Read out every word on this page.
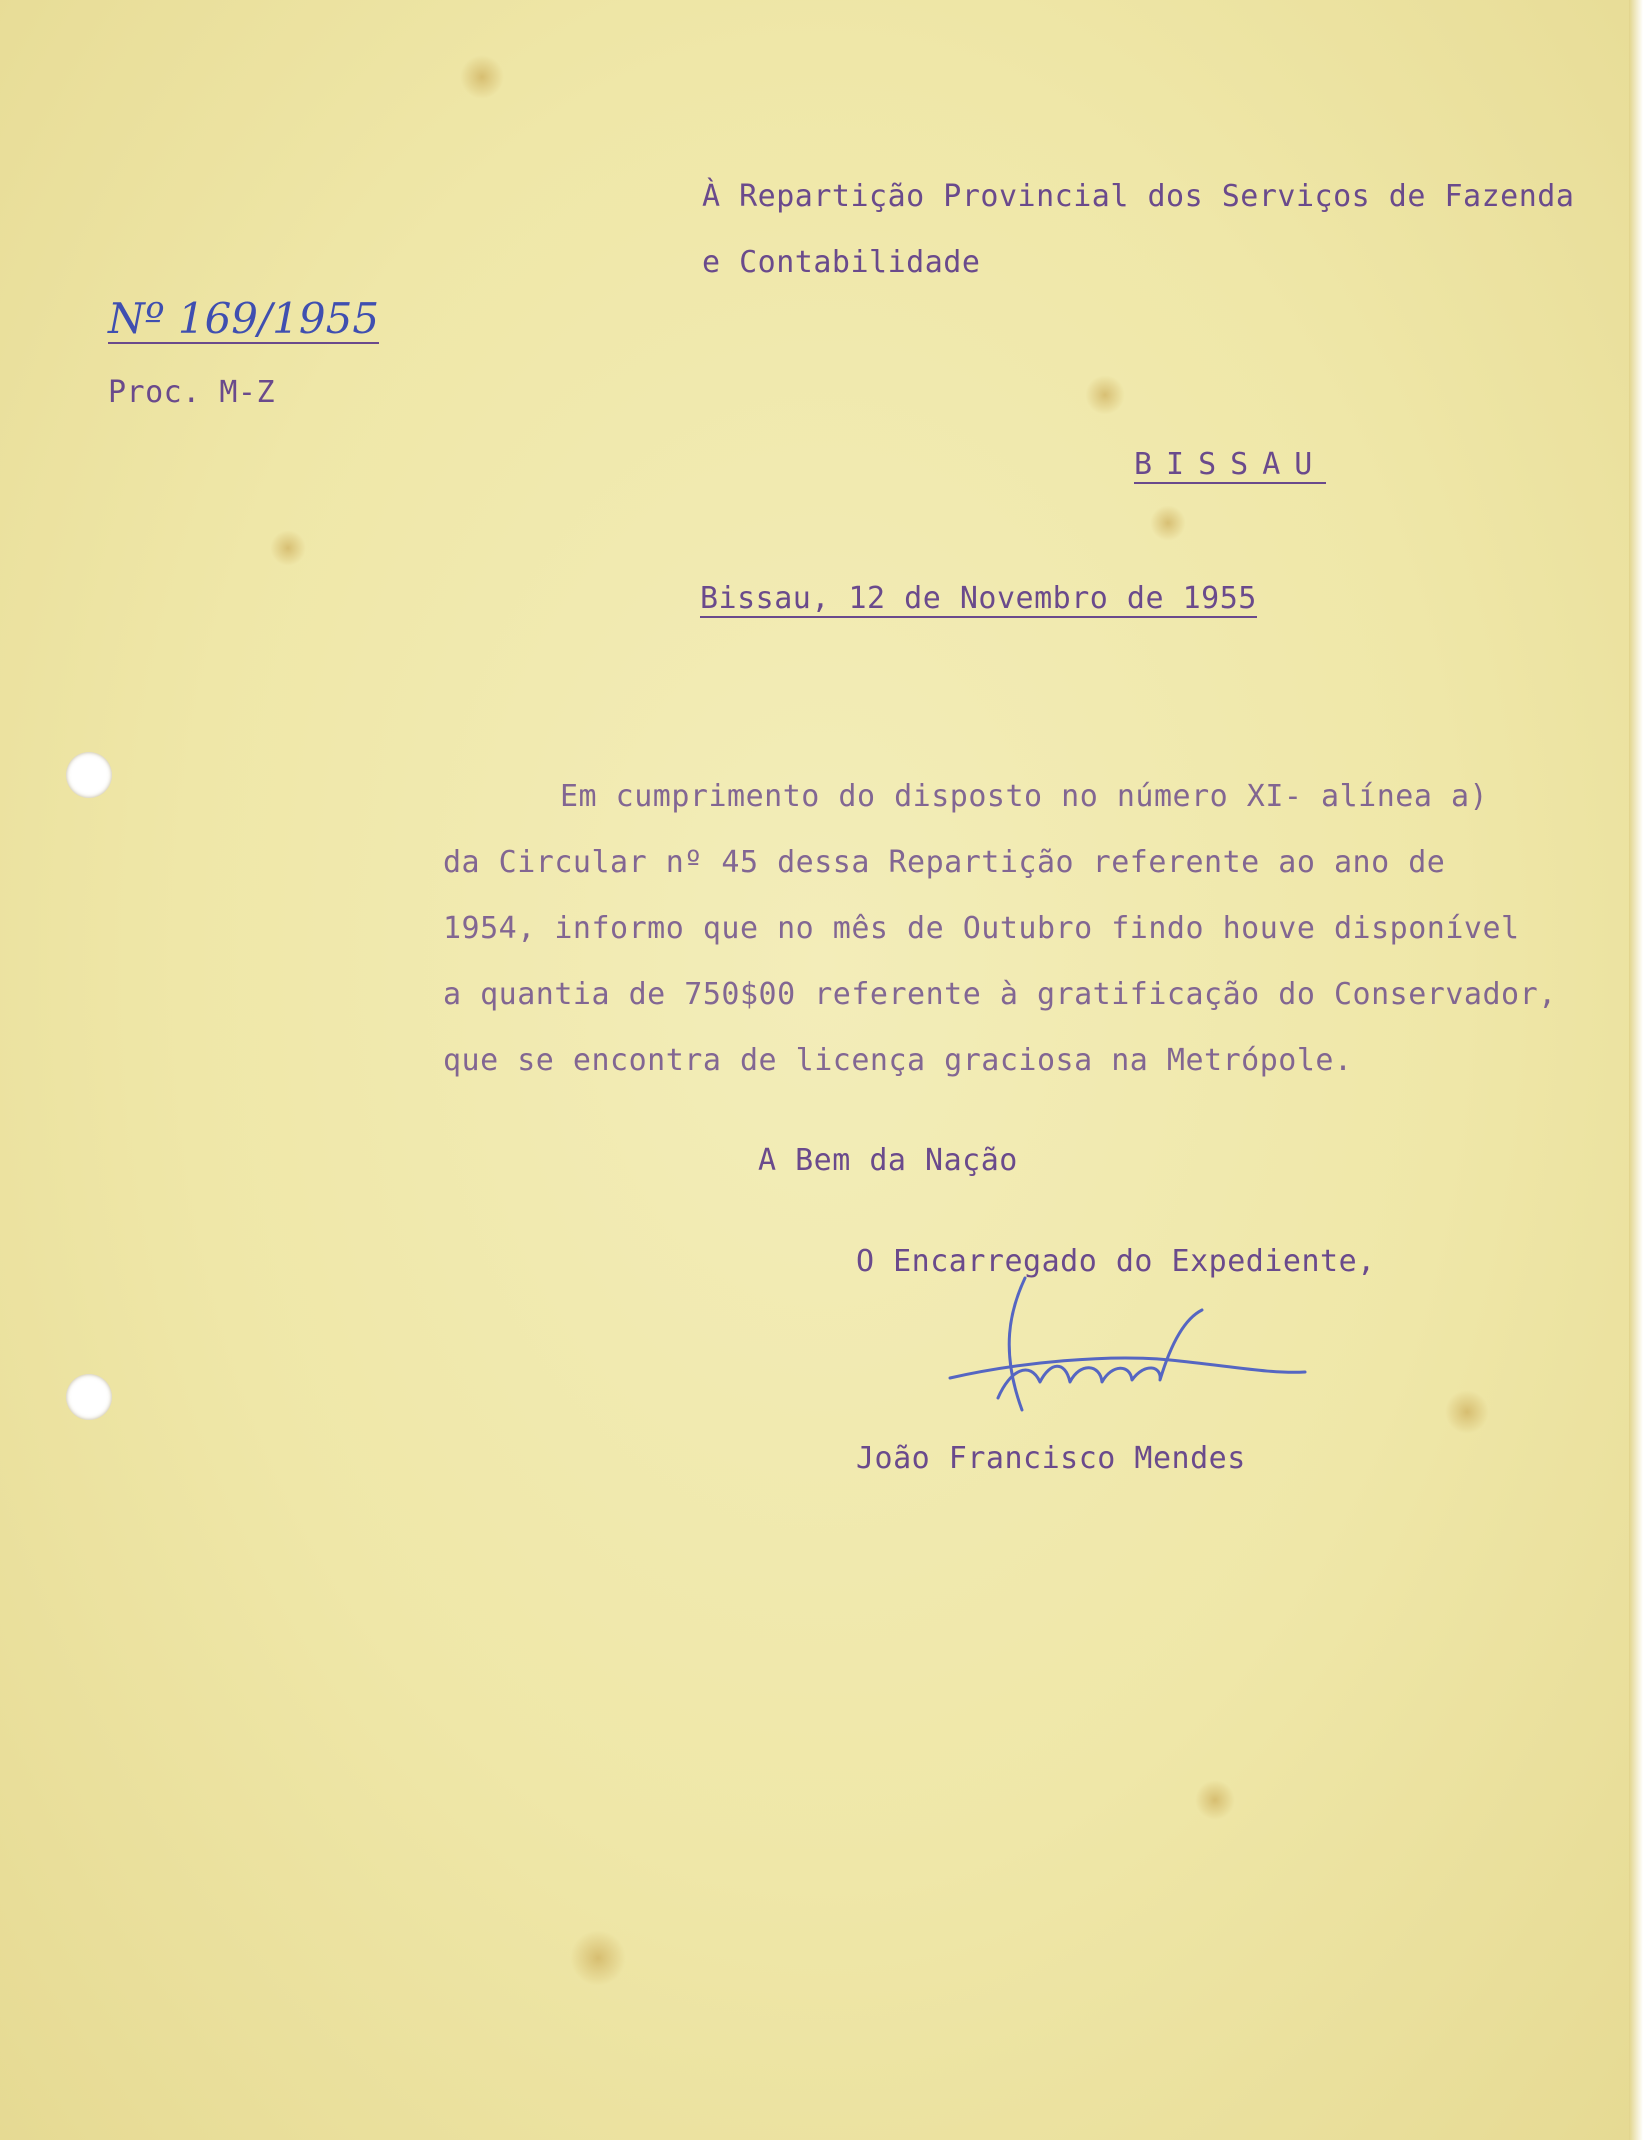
À Repartição Provincial dos Serviços de Fazenda
e Contabilidade
Nº 169/1955
Proc. M-Z
BISSAU
Bissau, 12 de Novembro de 1955
Em cumprimento do disposto no número XI- alínea a)
da Circular nº 45 dessa Repartição referente ao ano de
1954, informo que no mês de Outubro findo houve disponível
a quantia de 750$00 referente à gratificação do Conservador,
que se encontra de licença graciosa na Metrópole.
A Bem da Nação
O Encarregado do Expediente,
João Francisco Mendes
